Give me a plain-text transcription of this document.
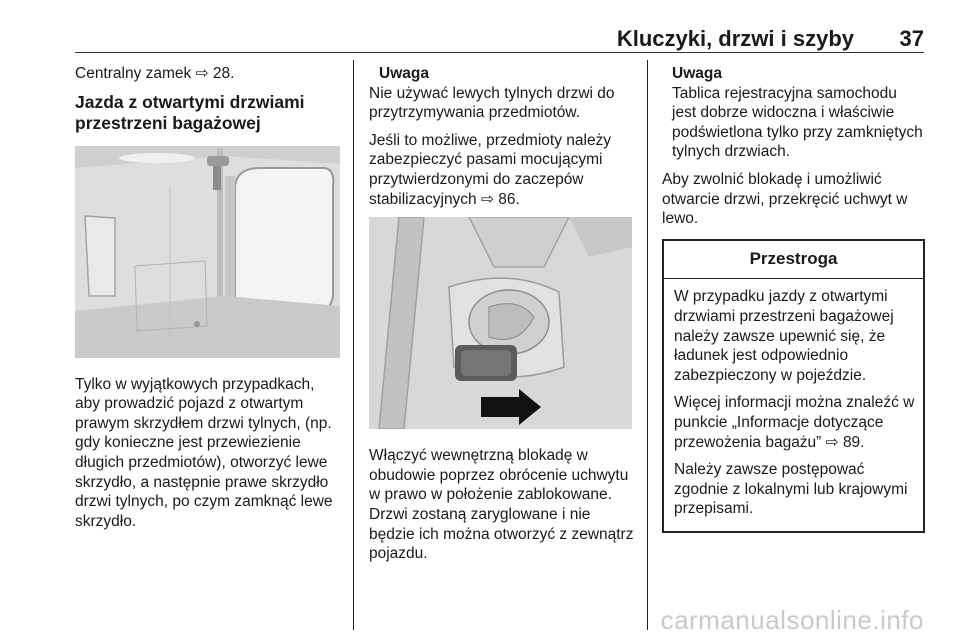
Kluczyki, drzwi i szyby 37

Centralny zamek ⇨ 28.

Jazda z otwartymi drzwiami przestrzeni bagażowej

Tylko w wyjątkowych przypadkach, aby prowadzić pojazd z otwartym prawym skrzydłem drzwi tylnych, (np. gdy konieczne jest przewiezienie długich przedmiotów), otworzyć lewe skrzydło, a następnie prawe skrzydło drzwi tylnych, po czym zamknąć lewe skrzydło.

Uwaga

Nie używać lewych tylnych drzwi do przytrzymywania przedmiotów.

Jeśli to możliwe, przedmioty należy zabezpieczyć pasami mocującymi przytwierdzonymi do zaczepów stabilizacyjnych ⇨ 86.

Włączyć wewnętrzną blokadę w obudowie poprzez obrócenie uchwytu w prawo w położenie zablokowane. Drzwi zostaną zaryglowane i nie będzie ich można otworzyć z zewnątrz pojazdu.

Uwaga

Tablica rejestracyjna samochodu jest dobrze widoczna i właściwie podświetlona tylko przy zamkniętych tylnych drzwiach.

Aby zwolnić blokadę i umożliwić otwarcie drzwi, przekręcić uchwyt w lewo.

Przestroga

W przypadku jazdy z otwartymi drzwiami przestrzeni bagażowej należy zawsze upewnić się, że ładunek jest odpowiednio zabezpieczony w pojeździe.

Więcej informacji można znaleźć w punkcie „Informacje dotyczące przewożenia bagażu” ⇨ 89.

Należy zawsze postępować zgodnie z lokalnymi lub krajowymi przepisami.

carmanualsonline.info
